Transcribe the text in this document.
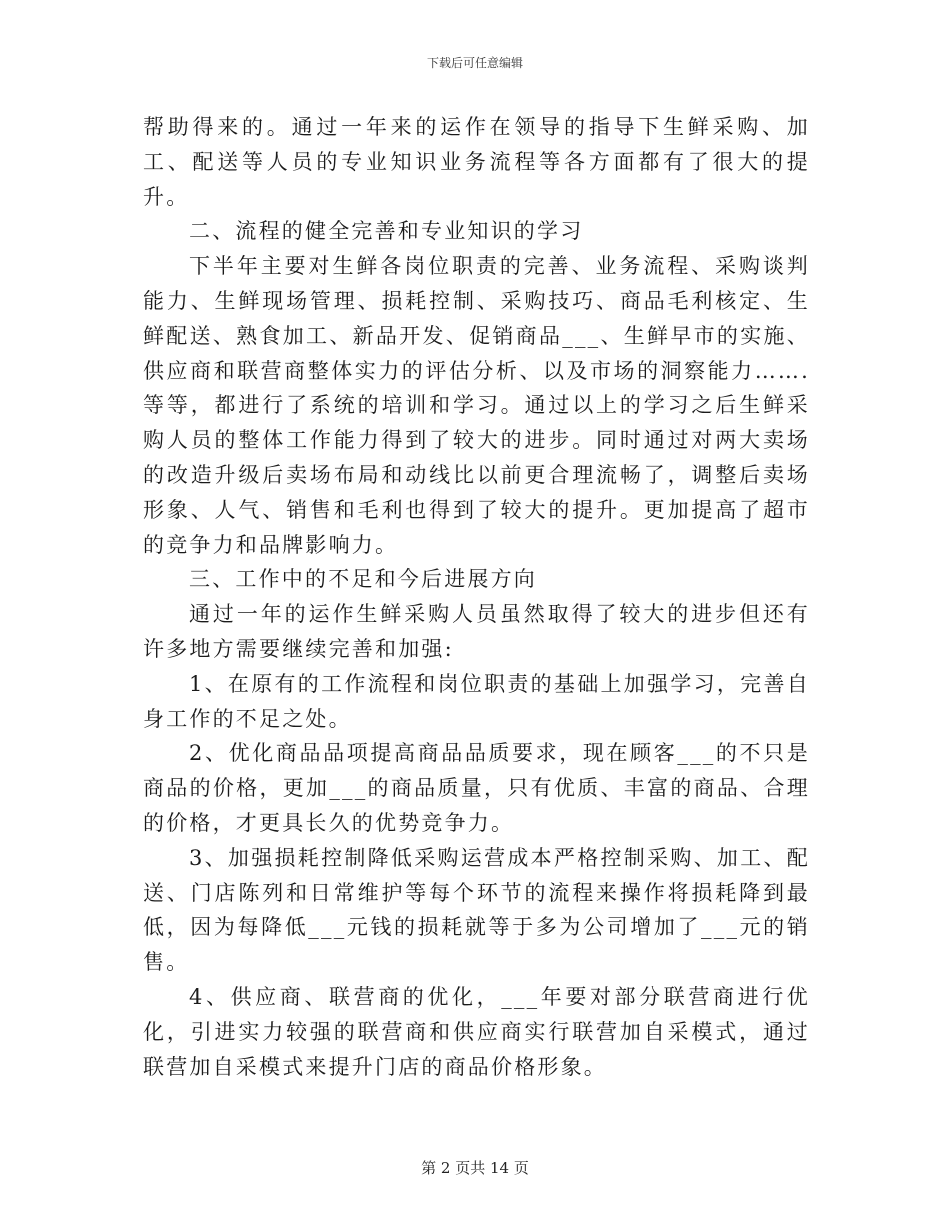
下载后可任意编辑

帮助得来的。通过一年来的运作在领导的指导下生鲜采购、加工、配送等人员的专业知识业务流程等各方面都有了很大的提升。

二、流程的健全完善和专业知识的学习

下半年主要对生鲜各岗位职责的完善、业务流程、采购谈判能力、生鲜现场管理、损耗控制、采购技巧、商品毛利核定、生鲜配送、熟食加工、新品开发、促销商品___、生鲜早市的实施、供应商和联营商整体实力的评估分析、以及市场的洞察能力…….等等，都进行了系统的培训和学习。通过以上的学习之后生鲜采购人员的整体工作能力得到了较大的进步。同时通过对两大卖场的改造升级后卖场布局和动线比以前更合理流畅了，调整后卖场形象、人气、销售和毛利也得到了较大的提升。更加提高了超市的竞争力和品牌影响力。

三、工作中的不足和今后进展方向

通过一年的运作生鲜采购人员虽然取得了较大的进步但还有许多地方需要继续完善和加强:

1、在原有的工作流程和岗位职责的基础上加强学习，完善自身工作的不足之处。

2、优化商品品项提高商品品质要求，现在顾客___的不只是商品的价格，更加___的商品质量，只有优质、丰富的商品、合理的价格，才更具长久的优势竞争力。

3、加强损耗控制降低采购运营成本严格控制采购、加工、配送、门店陈列和日常维护等每个环节的流程来操作将损耗降到最低，因为每降低___元钱的损耗就等于多为公司增加了___元的销售。

4、供应商、联营商的优化，___年要对部分联营商进行优化，引进实力较强的联营商和供应商实行联营加自采模式，通过联营加自采模式来提升门店的商品价格形象。

第 2 页共 14 页
